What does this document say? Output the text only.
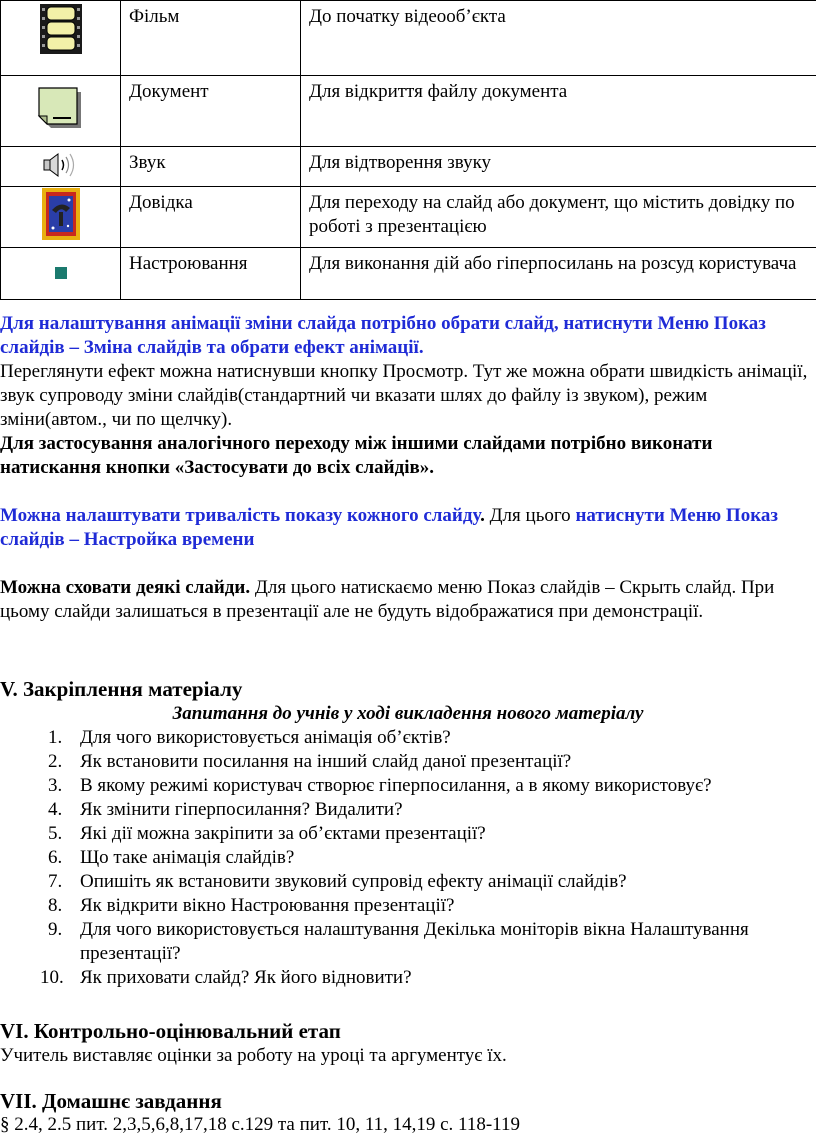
	Фільм	До початку відеооб’єкта
	Документ	Для відкриття файлу документа
	Звук	Для відтворення звуку
	Довідка	Для переходу на слайд або документ, що містить довідку по роботі з презентацією
	Настроювання	Для виконання дій або гіперпосилань на розсуд користувача

Для налаштування анімації зміни слайда потрібно обрати слайд, натиснути Меню Показ слайдів – Зміна слайдів та обрати ефект анімації.

Переглянути ефект можна натиснувши кнопку Просмотр. Тут же можна обрати швидкість анімації, звук супроводу зміни слайдів(стандартний чи вказати шлях до файлу із звуком), режим зміни(автом., чи по щелчку).

Для застосування аналогічного переходу між іншими слайдами потрібно виконати натискання кнопки «Застосувати до всіх слайдів».

Можна налаштувати тривалість показу кожного слайду. Для цього натиснути Меню Показ слайдів – Настройка времени

Можна сховати деякі слайди. Для цього натискаємо меню Показ слайдів – Скрыть слайд. При цьому слайди залишаться в презентації але не будуть відображатися при демонстрації.

V. Закріплення матеріалу
Запитання до учнів у ході викладення нового матеріалу
1. Для чого використовується анімація об’єктів?
2. Як встановити посилання на інший слайд даної презентації?
3. В якому режимі користувач створює гіперпосилання, а в якому використовує?
4. Як змінити гіперпосилання? Видалити?
5. Які дії можна закріпити за об’єктами презентації?
6. Що таке анімація слайдів?
7. Опишіть як встановити звуковий супровід ефекту анімації слайдів?
8. Як відкрити вікно Настроювання презентації?
9. Для чого використовується налаштування Декілька моніторів вікна Налаштування презентації?
10. Як приховати слайд? Як його відновити?
VI. Контрольно-оцінювальний етап

Учитель виставляє оцінки за роботу на уроці та аргументує їх.

VII. Домашнє завдання

§ 2.4, 2.5 пит. 2,3,5,6,8,17,18 с.129 та пит. 10, 11, 14,19 с. 118-119
